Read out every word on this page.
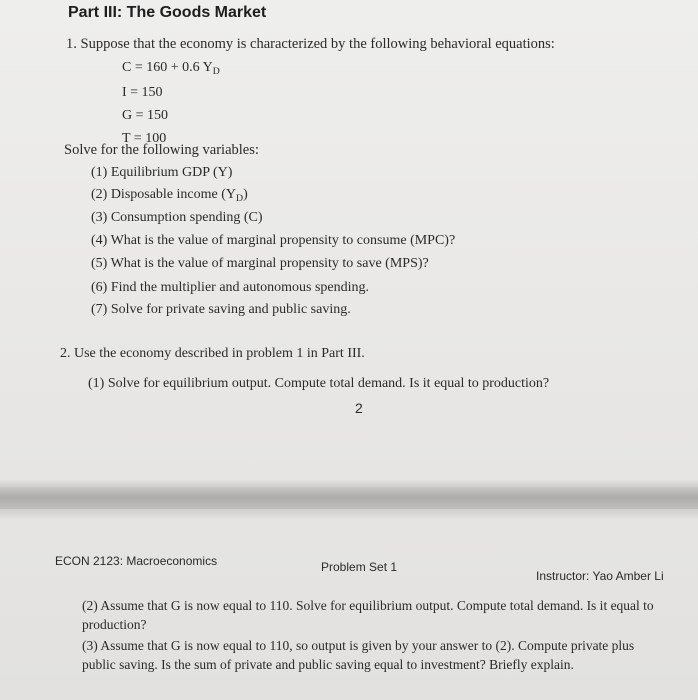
Part III: The Goods Market
1. Suppose that the economy is characterized by the following behavioral equations:
C = 160 + 0.6 $Y_D$
I = 150
G = 150
T = 100
Solve for the following variables:
(1) Equilibrium GDP (Y)
(2) Disposable income $(Y_D)$
(3) Consumption spending (C)
(4) What is the value of marginal propensity to consume (MPC)?
(5) What is the value of marginal propensity to save (MPS)?
(6) Find the multiplier and autonomous spending.
(7) Solve for private saving and public saving.
2. Use the economy described in problem 1 in Part III.
(1) Solve for equilibrium output. Compute total demand. Is it equal to production?
2
ECON 2123: Macroeconomics	Problem Set 1
Instructor: Yao Amber Li
(2) Assume that G is now equal to 110. Solve for equilibrium output. Compute total demand. Is it equal to production?
(3) Assume that G is now equal to 110, so output is given by your answer to (2). Compute private plus public saving. Is the sum of private and public saving equal to investment? Briefly explain.
